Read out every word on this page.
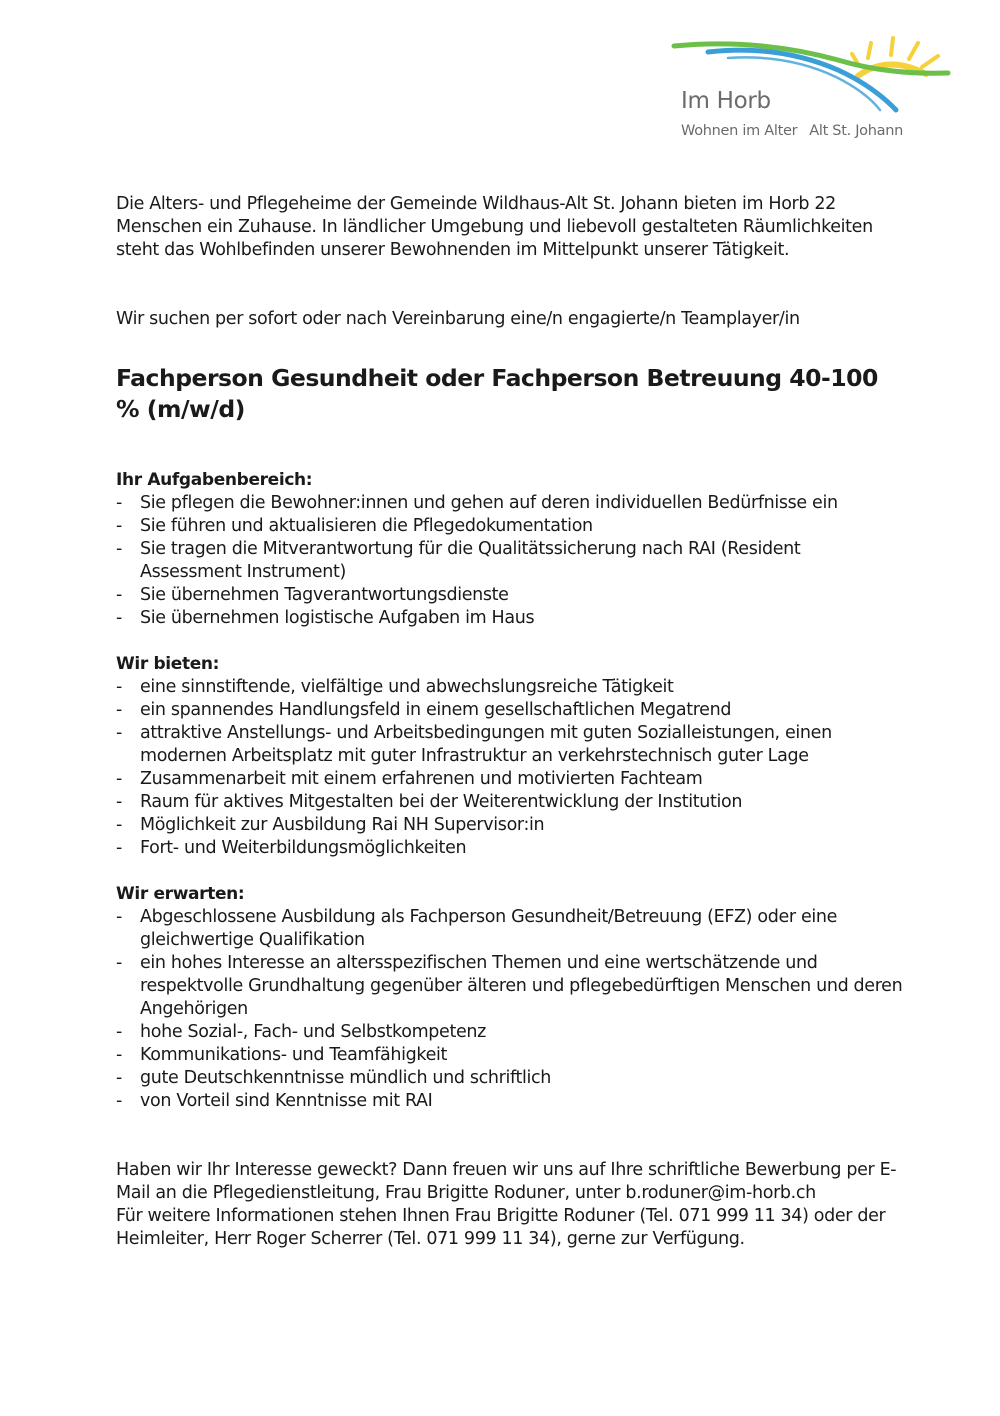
Im Horb
Wohnen im Alter Alt St. Johann

Die Alters- und Pflegeheime der Gemeinde Wildhaus-Alt St. Johann bieten im Horb 22 Menschen ein Zuhause. In ländlicher Umgebung und liebevoll gestalteten Räumlichkeiten steht das Wohlbefinden unserer Bewohnenden im Mittelpunkt unserer Tätigkeit.

Wir suchen per sofort oder nach Vereinbarung eine/n engagierte/n Teamplayer/in

Fachperson Gesundheit oder Fachperson Betreuung 40-100 % (m/w/d)
Ihr Aufgabenbereich:
- Sie pflegen die Bewohner:innen und gehen auf deren individuellen Bedürfnisse ein
- Sie führen und aktualisieren die Pflegedokumentation
- Sie tragen die Mitverantwortung für die Qualitätssicherung nach RAI (Resident Assessment Instrument)
- Sie übernehmen Tagverantwortungsdienste
- Sie übernehmen logistische Aufgaben im Haus
Wir bieten:
- eine sinnstiftende, vielfältige und abwechslungsreiche Tätigkeit
- ein spannendes Handlungsfeld in einem gesellschaftlichen Megatrend
- attraktive Anstellungs- und Arbeitsbedingungen mit guten Sozialleistungen, einen modernen Arbeitsplatz mit guter Infrastruktur an verkehrstechnisch guter Lage
- Zusammenarbeit mit einem erfahrenen und motivierten Fachteam
- Raum für aktives Mitgestalten bei der Weiterentwicklung der Institution
- Möglichkeit zur Ausbildung Rai NH Supervisor:in
- Fort- und Weiterbildungsmöglichkeiten
Wir erwarten:
- Abgeschlossene Ausbildung als Fachperson Gesundheit/Betreuung (EFZ) oder eine gleichwertige Qualifikation
- ein hohes Interesse an altersspezifischen Themen und eine wertschätzende und respektvolle Grundhaltung gegenüber älteren und pflegebedürftigen Menschen und deren Angehörigen
- hohe Sozial-, Fach- und Selbstkompetenz
- Kommunikations- und Teamfähigkeit
- gute Deutschkenntnisse mündlich und schriftlich
- von Vorteil sind Kenntnisse mit RAI

Haben wir Ihr Interesse geweckt? Dann freuen wir uns auf Ihre schriftliche Bewerbung per E-Mail an die Pflegedienstleitung, Frau Brigitte Roduner, unter b.roduner@im-horb.ch

Für weitere Informationen stehen Ihnen Frau Brigitte Roduner (Tel. 071 999 11 34) oder der Heimleiter, Herr Roger Scherrer (Tel. 071 999 11 34), gerne zur Verfügung.
